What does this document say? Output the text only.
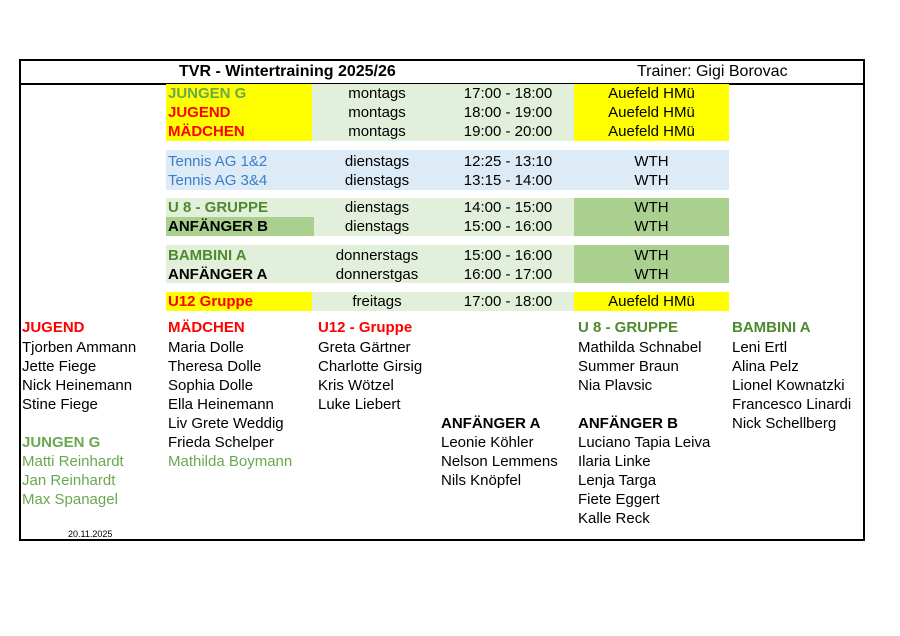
TVR - Wintertraining 2025/26	Trainer: Gigi Borovac
JUNGEN G	montags	17:00 - 18:00	Auefeld HMü
JUGEND	montags	18:00 - 19:00	Auefeld HMü
MÄDCHEN	montags	19:00 - 20:00	Auefeld HMü
Tennis AG 1&2	dienstags	12:25 - 13:10	WTH
Tennis AG 3&4	dienstags	13:15 - 14:00	WTH
U 8 - GRUPPE	dienstags	14:00 - 15:00	WTH
ANFÄNGER B	dienstags	15:00 - 16:00	WTH
BAMBINI A	donnerstags	15:00 - 16:00	WTH
ANFÄNGER A	donnerstgas	16:00 - 17:00	WTH
U12 Gruppe	freitags	17:00 - 18:00	Auefeld HMü
JUGEND
Tjorben Ammann
Jette Fiege
Nick Heinemann
Stine Fiege
JUNGEN G
Matti Reinhardt
Jan Reinhardt
Max Spanagel
MÄDCHEN
Maria Dolle
Theresa Dolle
Sophia Dolle
Ella Heinemann
Liv Grete Weddig
Frieda Schelper
Mathilda Boymann
U12 - Gruppe
Greta Gärtner
Charlotte Girsig
Kris Wötzel
Luke Liebert
ANFÄNGER A
Leonie Köhler
Nelson Lemmens
Nils Knöpfel
U 8 - GRUPPE
Mathilda Schnabel
Summer Braun
Nia Plavsic
ANFÄNGER B
Luciano Tapia Leiva
Ilaria Linke
Lenja Targa
Fiete Eggert
Kalle Reck
BAMBINI A
Leni Ertl
Alina Pelz
Lionel Kownatzki
Francesco Linardi
Nick Schellberg
20.11.2025
